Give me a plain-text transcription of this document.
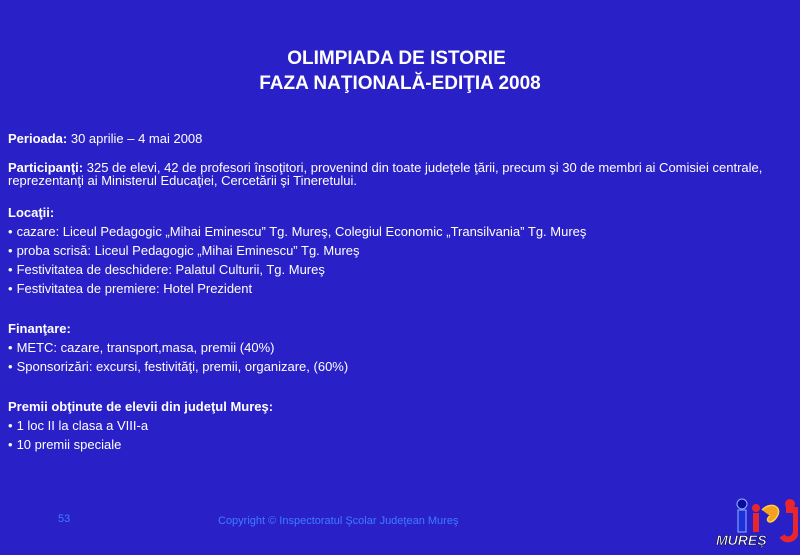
OLIMPIADA DE ISTORIE
FAZA NAŢIONALĂ-EDIŢIA 2008

Perioada: 30 aprilie – 4 mai 2008

Participanţi: 325 de elevi, 42 de profesori însoţitori, provenind din toate judeţele ţării, precum şi 30 de membri ai Comisiei centrale, reprezentanţi ai Ministerul Educaţiei, Cercetării şi Tineretului.

Locaţii:
• cazare: Liceul Pedagogic „Mihai Eminescu” Tg. Mureş, Colegiul Economic „Transilvania” Tg. Mureş
• proba scrisă: Liceul Pedagogic „Mihai Eminescu” Tg. Mureş
• Festivitatea de deschidere: Palatul Culturii, Tg. Mureş
• Festivitatea de premiere: Hotel Prezident
Finanţare:
• METC: cazare, transport,masa, premii (40%)
• Sponsorizări: excursi, festivităţi, premii, organizare, (60%)
Premii obţinute de elevii din judeţul Mureş:
• 1 loc II la clasa a VIII-a
• 10 premii speciale
53	Copyright © Inspectoratul Şcolar Judeţean Mureş
MUREŞ
